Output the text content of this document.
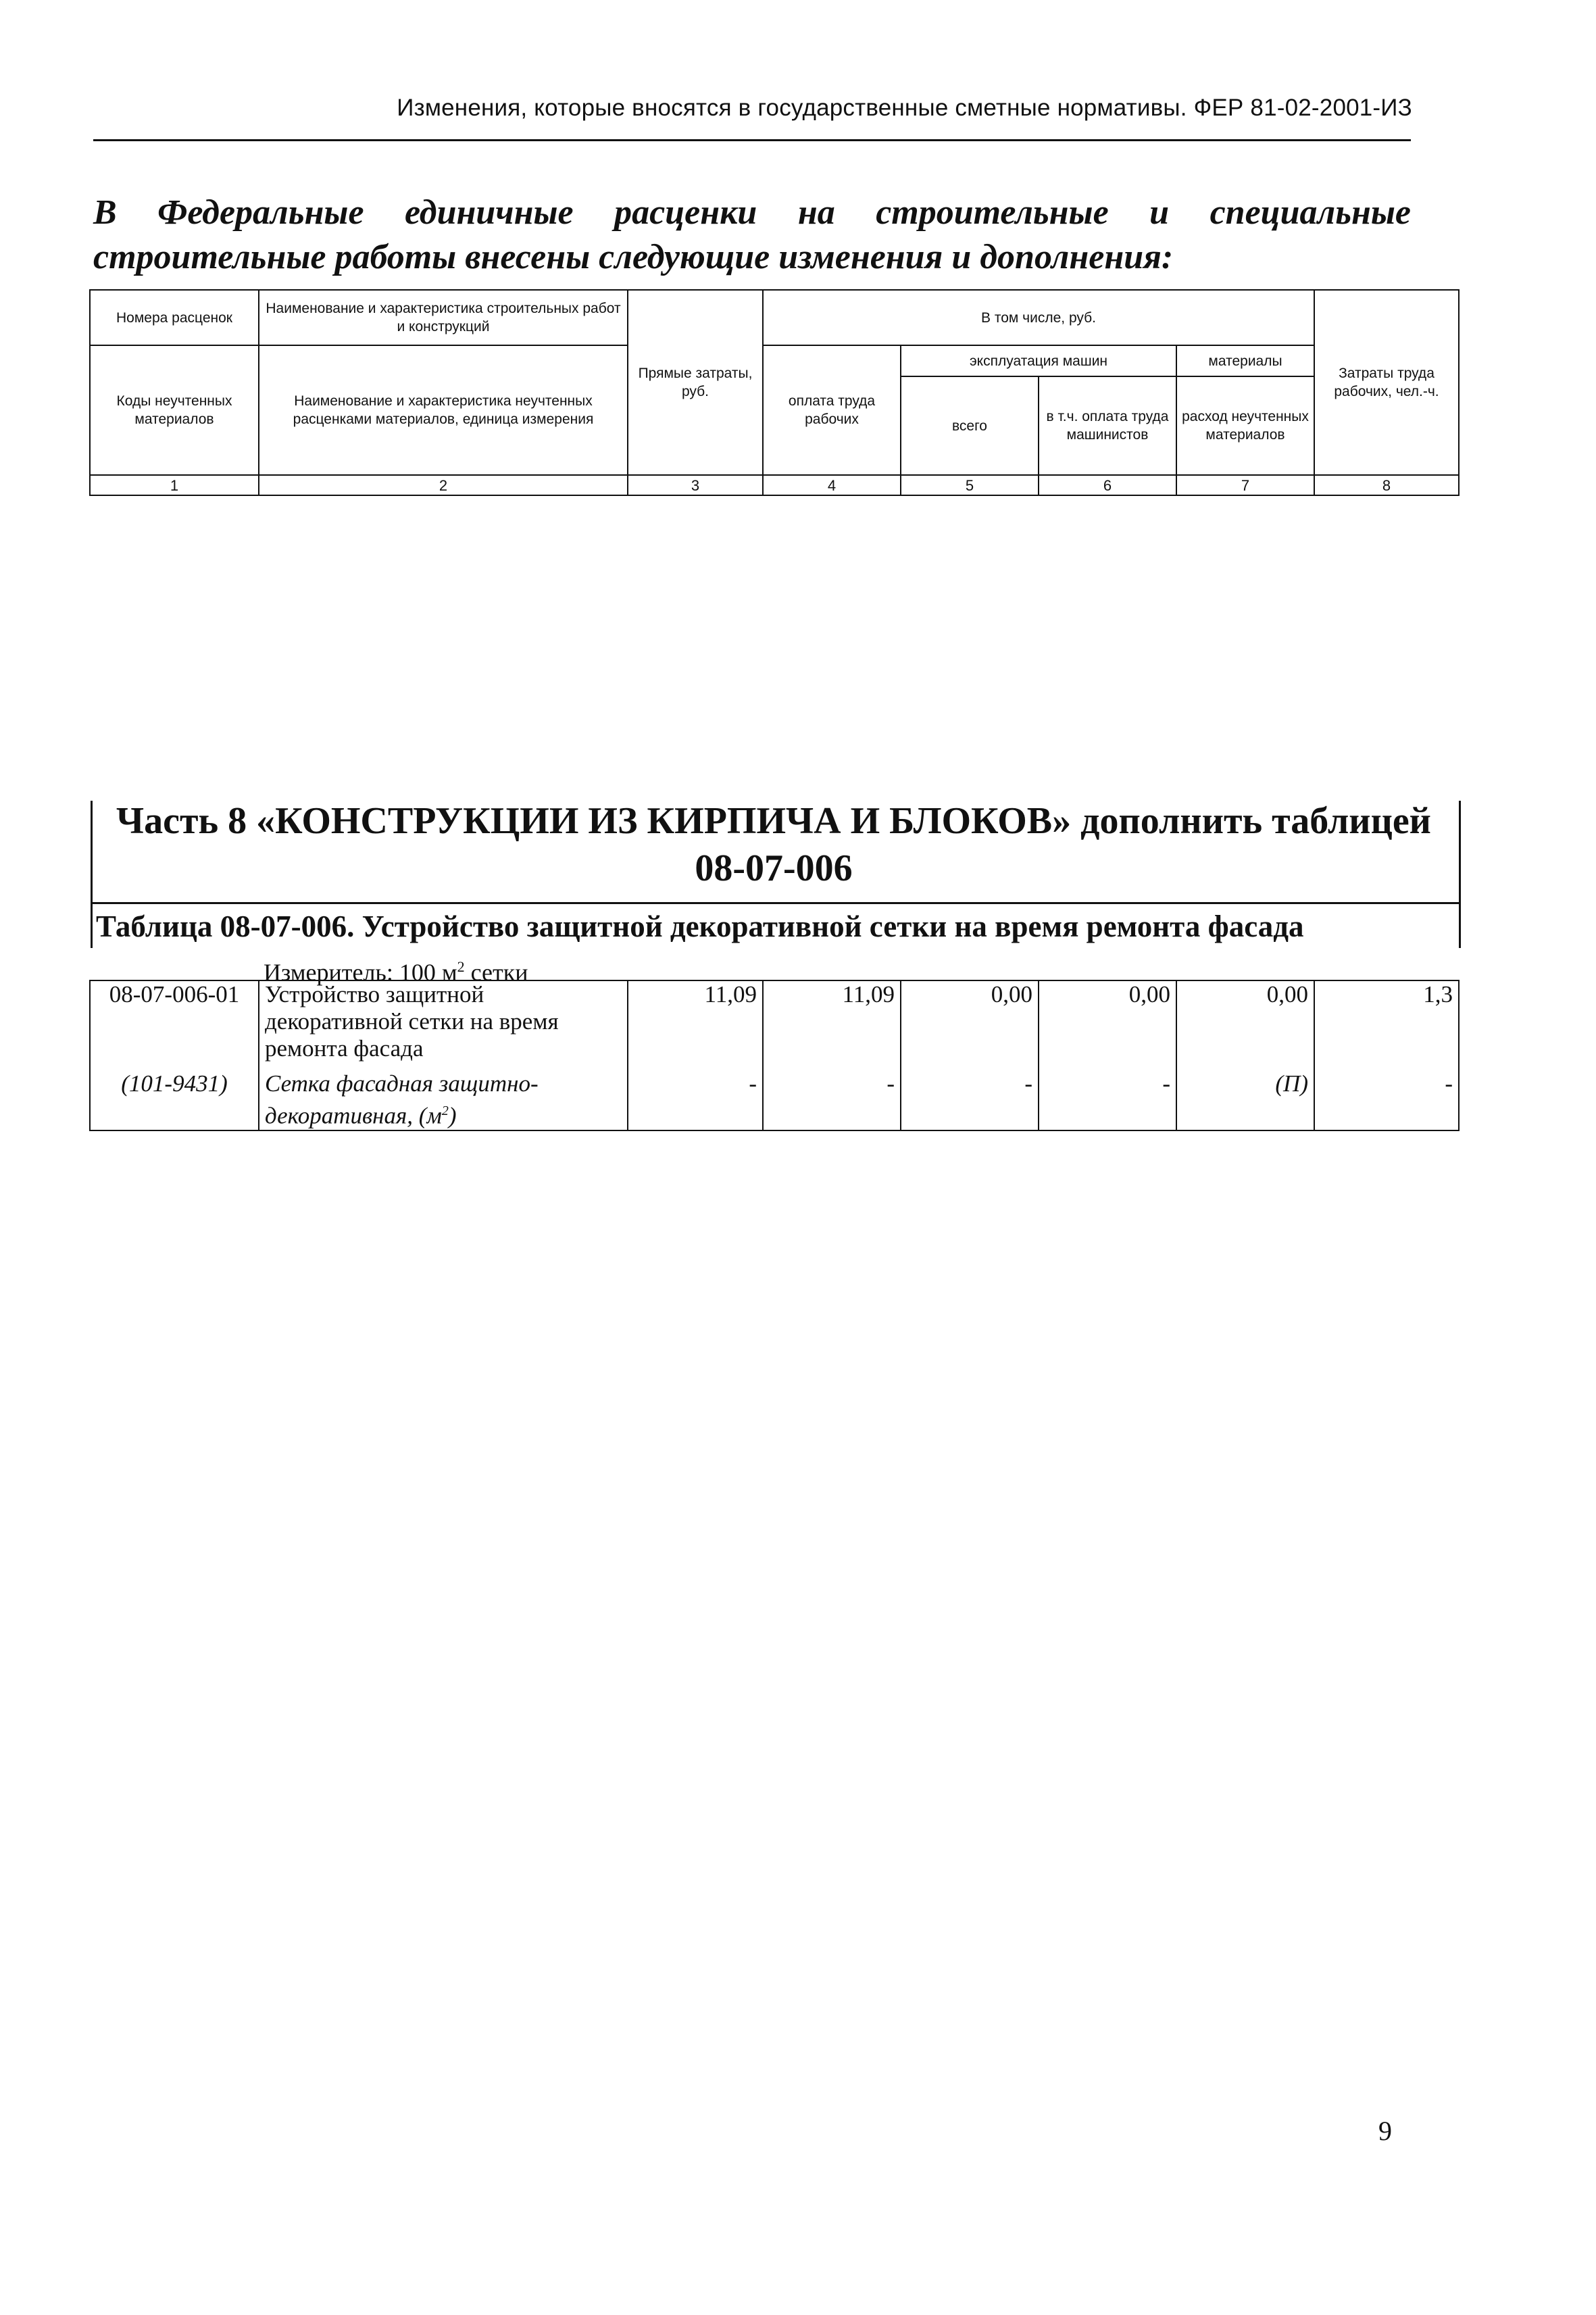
Изменения, которые вносятся в государственные сметные нормативы. ФЕР 81-02-2001-ИЗ
В Федеральные единичные расценки на строительные и специальные строительные работы внесены следующие изменения и дополнения:
Номера расценок	Наименование и характеристика строительных работ и конструкций	Прямые затраты, руб.	В том числе, руб.				Затраты труда рабочих, чел.-ч.
Коды неучтенных материалов	Наименование и характеристика неучтенных расценками материалов, единица измерения		оплата труда рабочих	эксплуатация машин		материалы	
				всего	в т.ч. оплата труда машинистов	расход неучтенных материалов	
1	2	3	4	5	6	7	8
Часть 8 «КОНСТРУКЦИИ ИЗ КИРПИЧА И БЛОКОВ» дополнить таблицей 08-07-006
Таблица 08-07-006. Устройство защитной декоративной сетки на время ремонта фасада
Измеритель: 100 $м^2$ сетки
08-07-006-01	Устройство защитной декоративной сетки на время ремонта фасада	11,09	11,09	0,00	0,00	0,00	1,3
(101-9431)	Сетка фасадная защитно-декоративная, $(м^2)$	-	-	-	-	(П)	-
9
